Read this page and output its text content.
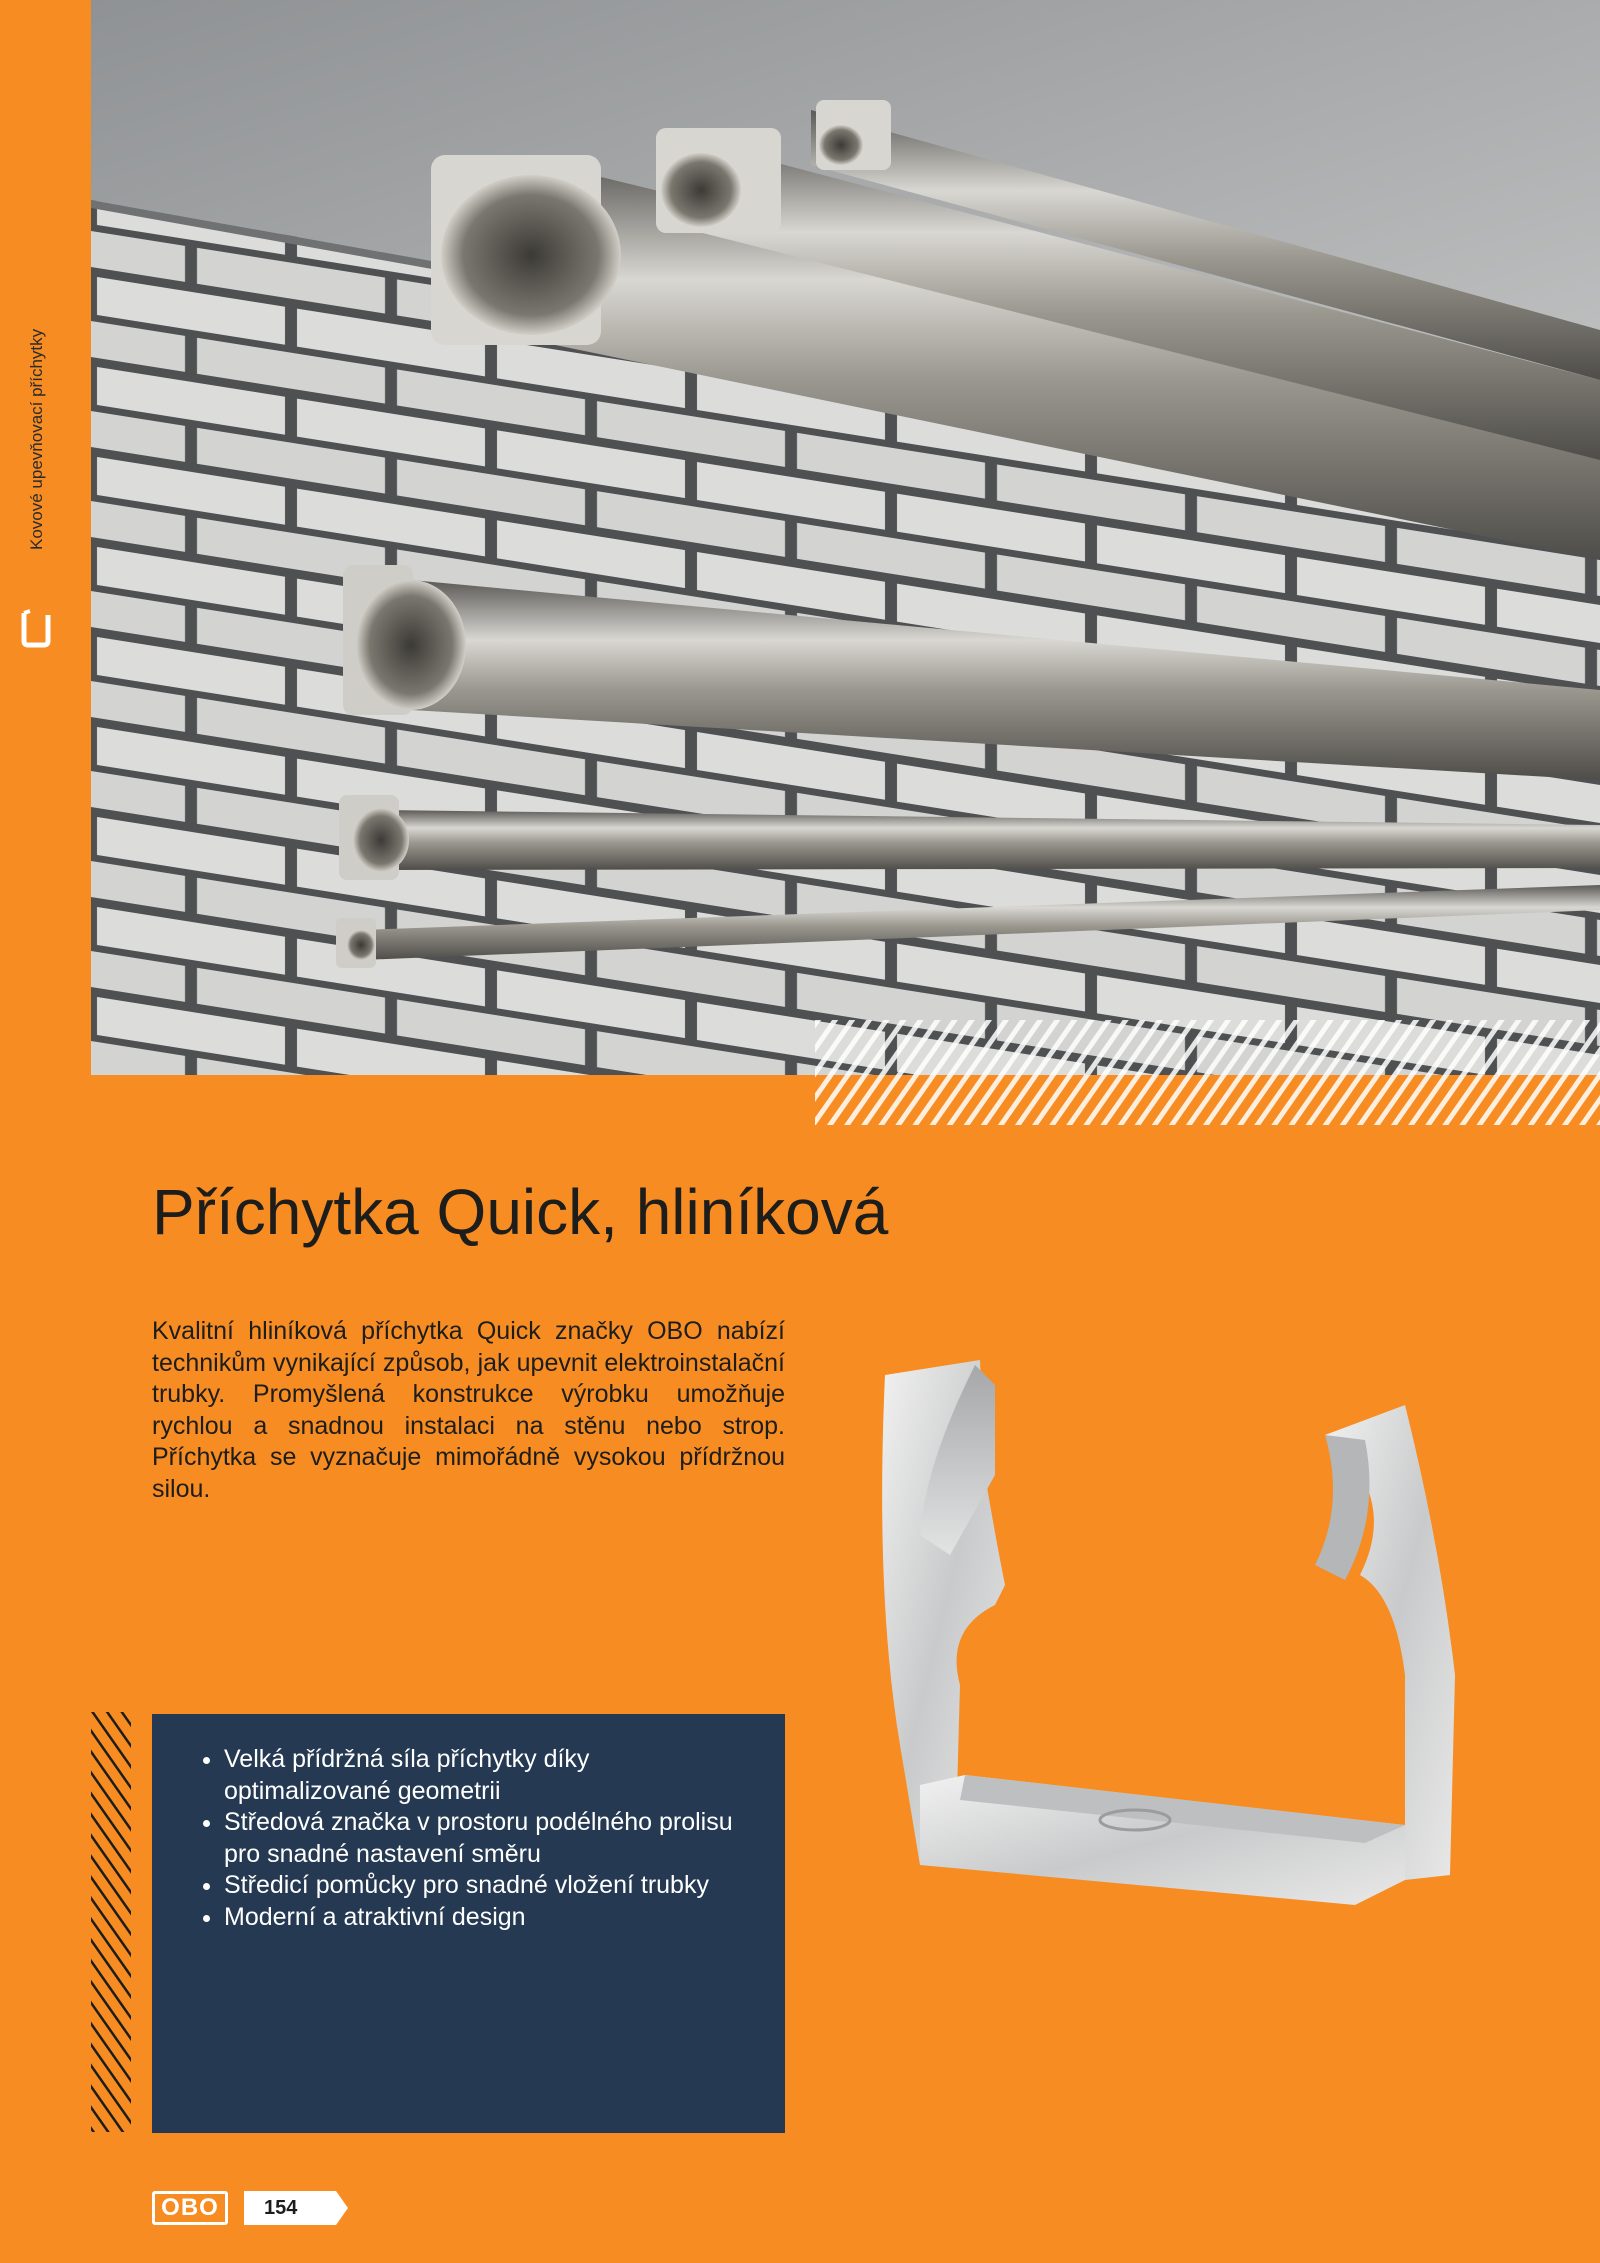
Kovové upevňovací příchytky
Příchytka Quick, hliníková

Kvalitní hliníková příchytka Quick značky OBO nabízí technikům vynikající způsob, jak upevnit elektroinstalační trubky. Promyšlená konstrukce výrobku umožňuje rychlou a snadnou instalaci na stěnu nebo strop. Příchytka se vyznačuje mimořádně vysokou přídržnou silou.

• Velká přídržná síla příchytky díky optimalizované geometrii
• Středová značka v prostoru podélného prolisu pro snadné nastavení směru
• Středicí pomůcky pro snadné vložení trubky
• Moderní a atraktivní design
OBO	154
